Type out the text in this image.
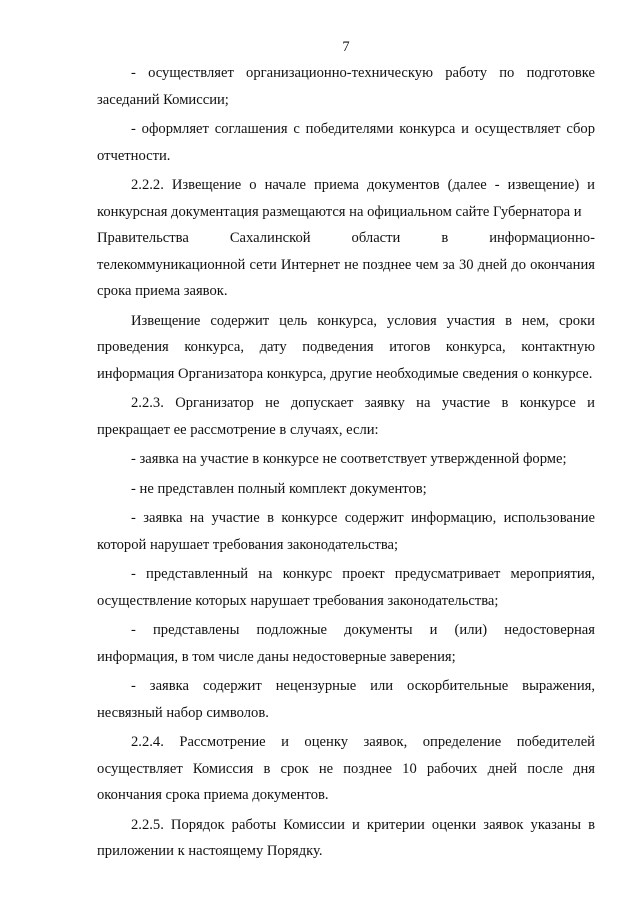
7

- осуществляет организационно-техническую работу по подготовке заседаний Комиссии;

- оформляет соглашения с победителями конкурса и осуществляет сбор отчетности.

2.2.2. Извещение о начале приема документов (далее - извещение) и конкурсная документация размещаются на официальном сайте Губернатора и

Правительства	Сахалинской	области	в	информационно-

телекоммуникационной сети Интернет не позднее чем за 30 дней до окончания срока приема заявок.

Извещение содержит цель конкурса, условия участия в нем, сроки проведения конкурса, дату подведения итогов конкурса, контактную информация Организатора конкурса, другие необходимые сведения о конкурсе.

2.2.3. Организатор не допускает заявку на участие в конкурсе и прекращает ее рассмотрение в случаях, если:

- заявка на участие в конкурсе не соответствует утвержденной форме;

- не представлен полный комплект документов;

- заявка на участие в конкурсе содержит информацию, использование которой нарушает требования законодательства;

- представленный на конкурс проект предусматривает мероприятия, осуществление которых нарушает требования законодательства;

- представлены подложные документы и (или) недостоверная информация, в том числе даны недостоверные заверения;

- заявка содержит нецензурные или оскорбительные выражения, несвязный набор символов.

2.2.4. Рассмотрение и оценку заявок, определение победителей осуществляет Комиссия в срок не позднее 10 рабочих дней после дня окончания срока приема документов.

2.2.5. Порядок работы Комиссии и критерии оценки заявок указаны в приложении к настоящему Порядку.
